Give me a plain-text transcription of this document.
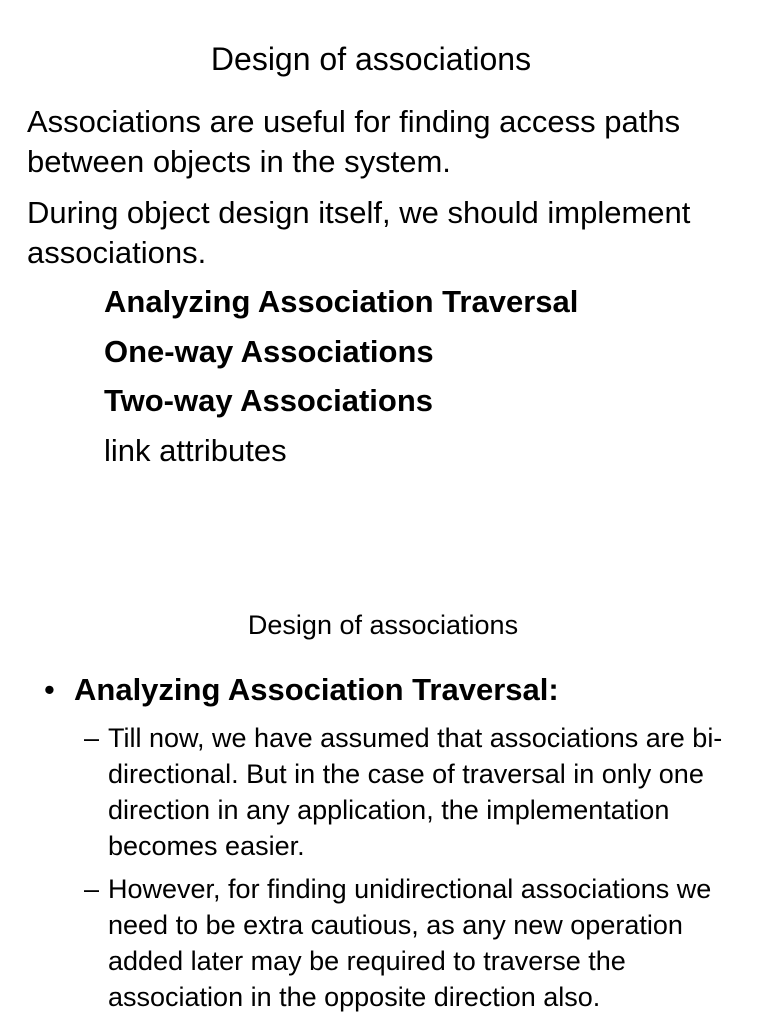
Design of associations

Associations are useful for finding access paths between objects in the system.

During object design itself, we should implement associations.

Analyzing Association Traversal
One-way Associations
Two-way Associations
link attributes
Design of associations
• Analyzing Association Traversal:
– Till now, we have assumed that associations are bi-directional. But in the case of traversal in only one direction in any application, the implementation becomes easier.
– However, for finding unidirectional associations we need to be extra cautious, as any new operation added later may be required to traverse the association in the opposite direction also.
